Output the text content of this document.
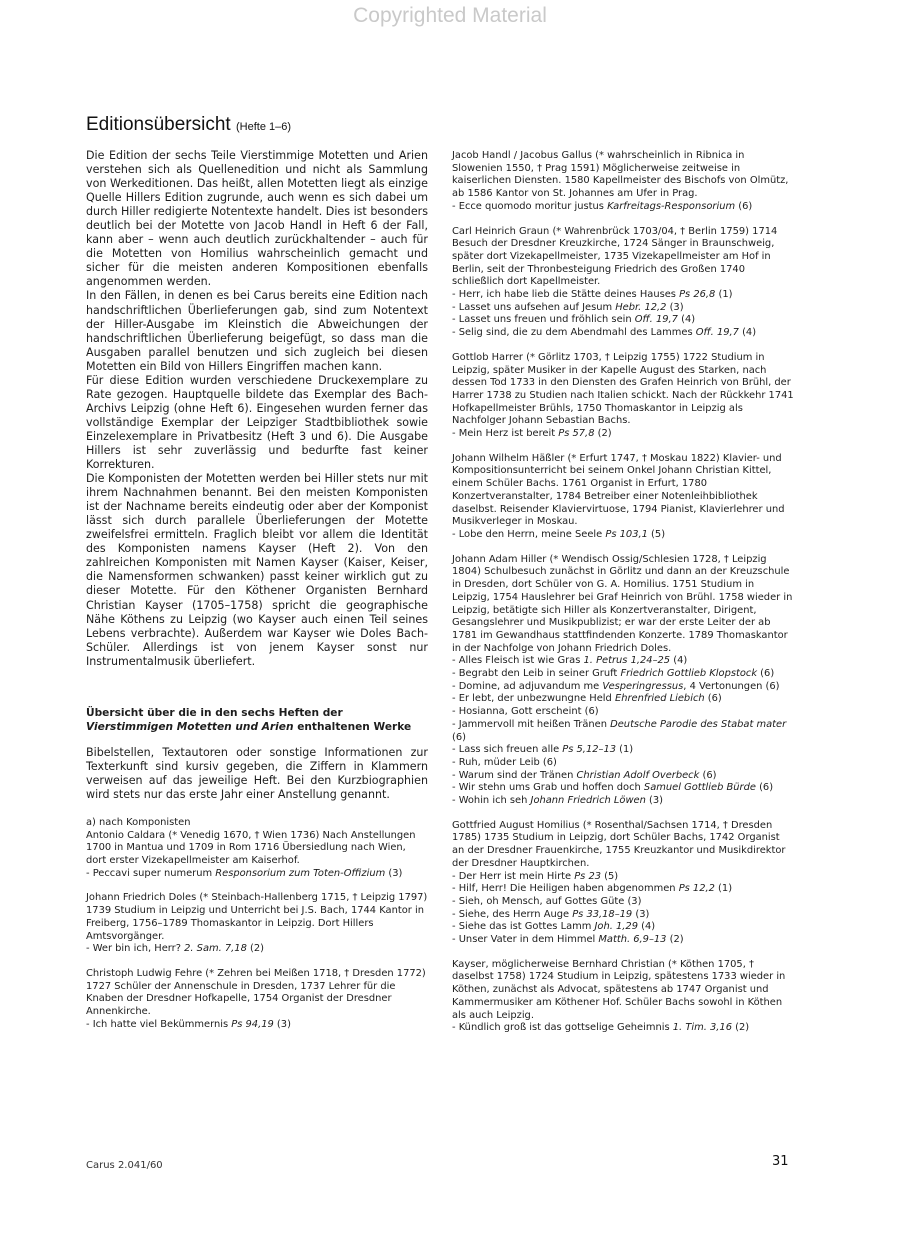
Copyrighted Material
Editionsübersicht (Hefte 1–6)

Die Edition der sechs Teile Vierstimmige Motetten und Arien verstehen sich als Quellenedition und nicht als Sammlung von Werkeditionen. Das heißt, allen Motetten liegt als einzige Quelle Hillers Edition zugrunde, auch wenn es sich dabei um durch Hiller redigierte Notentexte handelt. Dies ist besonders deutlich bei der Motette von Jacob Handl in Heft 6 der Fall, kann aber – wenn auch deutlich zurückhaltender – auch für die Motetten von Homilius wahrscheinlich gemacht und sicher für die meisten anderen Kompositionen ebenfalls angenommen werden.

In den Fällen, in denen es bei Carus bereits eine Edition nach handschriftlichen Überlieferungen gab, sind zum Notentext der Hiller-Ausgabe im Kleinstich die Abweichungen der handschriftlichen Überlieferung beigefügt, so dass man die Ausgaben parallel benutzen und sich zugleich bei diesen Motetten ein Bild von Hillers Eingriffen machen kann.

Für diese Edition wurden verschiedene Druckexemplare zu Rate gezogen. Hauptquelle bildete das Exemplar des Bach-Archivs Leipzig (ohne Heft 6). Eingesehen wurden ferner das vollständige Exemplar der Leipziger Stadtbibliothek sowie Einzelexemplare in Privatbesitz (Heft 3 und 6). Die Ausgabe Hillers ist sehr zuverlässig und bedurfte fast keiner Korrekturen.

Die Komponisten der Motetten werden bei Hiller stets nur mit ihrem Nachnahmen benannt. Bei den meisten Komponisten ist der Nachname bereits eindeutig oder aber der Komponist lässt sich durch parallele Überlieferungen der Motette zweifelsfrei ermitteln. Fraglich bleibt vor allem die Identität des Komponisten namens Kayser (Heft 2). Von den zahlreichen Komponisten mit Namen Kayser (Kaiser, Keiser, die Namensformen schwanken) passt keiner wirklich gut zu dieser Motette. Für den Köthener Organisten Bernhard Christian Kayser (1705–1758) spricht die geographische Nähe Köthens zu Leipzig (wo Kayser auch einen Teil seines Lebens verbrachte). Außerdem war Kayser wie Doles Bach-Schüler. Allerdings ist von jenem Kayser sonst nur Instrumentalmusik überliefert.

Übersicht über die in den sechs Heften der Vierstimmigen Motetten und Arien enthaltenen Werke

Bibelstellen, Textautoren oder sonstige Informationen zur Texterkunft sind kursiv gegeben, die Ziffern in Klammern verweisen auf das jeweilige Heft. Bei den Kurzbiographien wird stets nur das erste Jahr einer Anstellung genannt.

a) nach Komponisten

Antonio Caldara (* Venedig 1670, † Wien 1736) Nach Anstellungen 1700 in Mantua und 1709 in Rom 1716 Übersiedlung nach Wien, dort erster Vizekapellmeister am Kaiserhof.

- Peccavi super numerum Responsorium zum Toten-Offizium (3)

Johann Friedrich Doles (* Steinbach-Hallenberg 1715, † Leipzig 1797) 1739 Studium in Leipzig und Unterricht bei J.S. Bach, 1744 Kantor in Freiberg, 1756–1789 Thomaskantor in Leipzig. Dort Hillers Amtsvorgänger.

- Wer bin ich, Herr? 2. Sam. 7,18 (2)

Christoph Ludwig Fehre (* Zehren bei Meißen 1718, † Dresden 1772) 1727 Schüler der Annenschule in Dresden, 1737 Lehrer für die Knaben der Dresdner Hofkapelle, 1754 Organist der Dresdner Annenkirche.

- Ich hatte viel Bekümmernis Ps 94,19 (3)

Jacob Handl / Jacobus Gallus (* wahrscheinlich in Ribnica in Slowenien 1550, † Prag 1591) Möglicherweise zeitweise in kaiserlichen Diensten. 1580 Kapellmeister des Bischofs von Olmütz, ab 1586 Kantor von St. Johannes am Ufer in Prag.

- Ecce quomodo moritur justus Karfreitags-Responsorium (6)

Carl Heinrich Graun (* Wahrenbrück 1703/04, † Berlin 1759) 1714 Besuch der Dresdner Kreuzkirche, 1724 Sänger in Braunschweig, später dort Vizekapellmeister, 1735 Vizekapellmeister am Hof in Berlin, seit der Thronbesteigung Friedrich des Großen 1740 schließlich dort Kapellmeister.

- Herr, ich habe lieb die Stätte deines Hauses Ps 26,8 (1)
- Lasset uns aufsehen auf Jesum Hebr. 12,2 (3)
- Lasset uns freuen und fröhlich sein Off. 19,7 (4)
- Selig sind, die zu dem Abendmahl des Lammes Off. 19,7 (4)

Gottlob Harrer (* Görlitz 1703, † Leipzig 1755) 1722 Studium in Leipzig, später Musiker in der Kapelle August des Starken, nach dessen Tod 1733 in den Diensten des Grafen Heinrich von Brühl, der Harrer 1738 zu Studien nach Italien schickt. Nach der Rückkehr 1741 Hofkapellmeister Brühls, 1750 Thomaskantor in Leipzig als Nachfolger Johann Sebastian Bachs.

- Mein Herz ist bereit Ps 57,8 (2)

Johann Wilhelm Häßler (* Erfurt 1747, † Moskau 1822) Klavier- und Kompositionsunterricht bei seinem Onkel Johann Christian Kittel, einem Schüler Bachs. 1761 Organist in Erfurt, 1780 Konzertveranstalter, 1784 Betreiber einer Notenleihbibliothek daselbst. Reisender Klaviervirtuose, 1794 Pianist, Klavierlehrer und Musikverleger in Moskau.

- Lobe den Herrn, meine Seele Ps 103,1 (5)

Johann Adam Hiller (* Wendisch Ossig/Schlesien 1728, † Leipzig 1804) Schulbesuch zunächst in Görlitz und dann an der Kreuzschule in Dresden, dort Schüler von G. A. Homilius. 1751 Studium in Leipzig, 1754 Hauslehrer bei Graf Heinrich von Brühl. 1758 wieder in Leipzig, betätigte sich Hiller als Konzertveranstalter, Dirigent, Gesangslehrer und Musikpublizist; er war der erste Leiter der ab 1781 im Gewandhaus stattfindenden Konzerte. 1789 Thomaskantor in der Nachfolge von Johann Friedrich Doles.

- Alles Fleisch ist wie Gras 1. Petrus 1,24–25 (4)
- Begrabt den Leib in seiner Gruft Friedrich Gottlieb Klopstock (6)
- Domine, ad adjuvandum me Vesperingressus, 4 Vertonungen (6)
- Er lebt, der unbezwungne Held Ehrenfried Liebich (6)
- Hosianna, Gott erscheint (6)
- Jammervoll mit heißen Tränen Deutsche Parodie des Stabat mater (6)
- Lass sich freuen alle Ps 5,12–13 (1)
- Ruh, müder Leib (6)
- Warum sind der Tränen Christian Adolf Overbeck (6)
- Wir stehn ums Grab und hoffen doch Samuel Gottlieb Bürde (6)
- Wohin ich seh Johann Friedrich Löwen (3)

Gottfried August Homilius (* Rosenthal/Sachsen 1714, † Dresden 1785) 1735 Studium in Leipzig, dort Schüler Bachs, 1742 Organist an der Dresdner Frauenkirche, 1755 Kreuzkantor und Musikdirektor der Dresdner Hauptkirchen.

- Der Herr ist mein Hirte Ps 23 (5)
- Hilf, Herr! Die Heiligen haben abgenommen Ps 12,2 (1)
- Sieh, oh Mensch, auf Gottes Güte (3)
- Siehe, des Herrn Auge Ps 33,18–19 (3)
- Siehe das ist Gottes Lamm Joh. 1,29 (4)
- Unser Vater in dem Himmel Matth. 6,9–13 (2)

Kayser, möglicherweise Bernhard Christian (* Köthen 1705, † daselbst 1758) 1724 Studium in Leipzig, spätestens 1733 wieder in Köthen, zunächst als Advocat, spätestens ab 1747 Organist und Kammermusiker am Köthener Hof. Schüler Bachs sowohl in Köthen als auch Leipzig.

- Kündlich groß ist das gottselige Geheimnis 1. Tim. 3,16 (2)
Carus 2.041/60	31
